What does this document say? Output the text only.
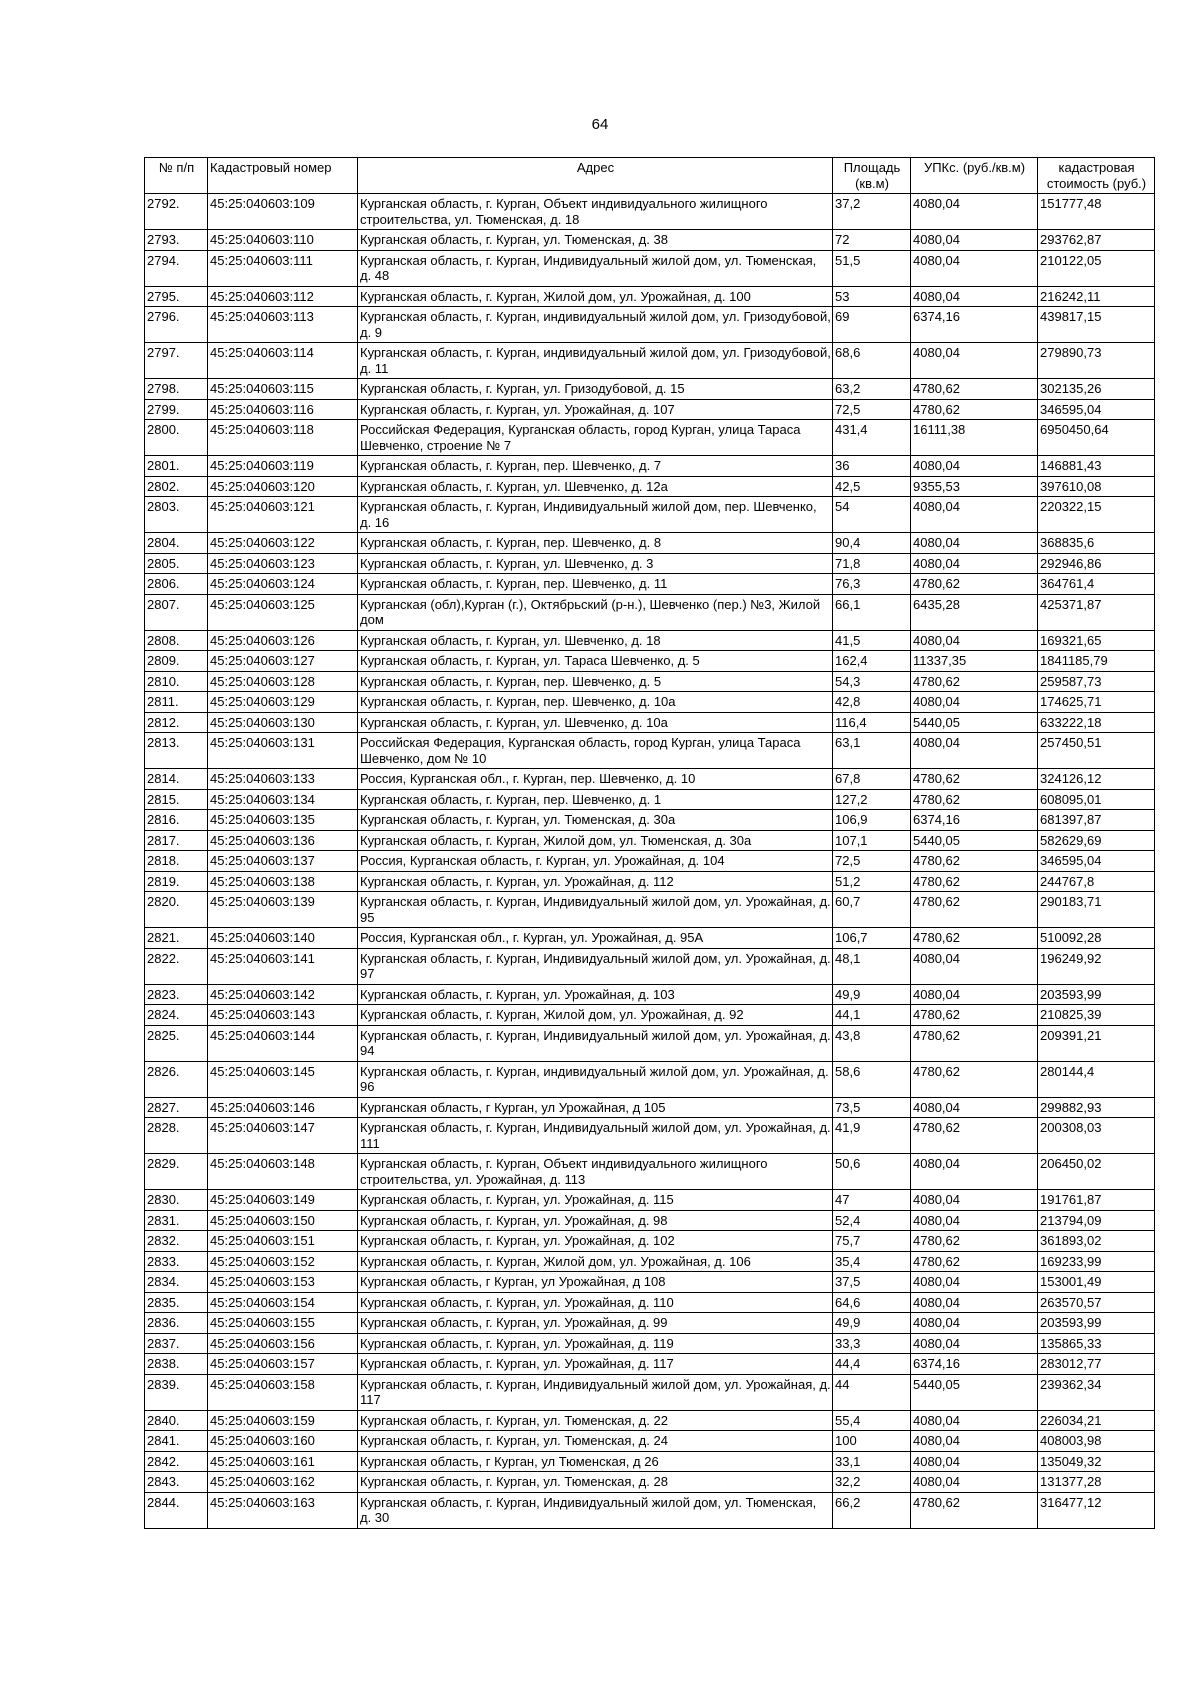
64
№ п/п	Кадастровый номер	Адрес	Площадь (кв.м)	УПКс. (руб./кв.м)	кадастровая стоимость (руб.)
2792.	45:25:040603:109	Курганская область, г. Курган, Объект индивидуального жилищного строительства, ул. Тюменская, д. 18	37,2	4080,04	151777,48
2793.	45:25:040603:110	Курганская область, г. Курган, ул. Тюменская, д. 38	72	4080,04	293762,87
2794.	45:25:040603:111	Курганская область, г. Курган, Индивидуальный жилой дом, ул. Тюменская, д. 48	51,5	4080,04	210122,05
2795.	45:25:040603:112	Курганская область, г. Курган, Жилой дом, ул. Урожайная, д. 100	53	4080,04	216242,11
2796.	45:25:040603:113	Курганская область, г. Курган, индивидуальный жилой дом, ул. Гризодубовой, д. 9	69	6374,16	439817,15
2797.	45:25:040603:114	Курганская область, г. Курган, индивидуальный жилой дом, ул. Гризодубовой, д. 11	68,6	4080,04	279890,73
2798.	45:25:040603:115	Курганская область, г. Курган, ул. Гризодубовой, д. 15	63,2	4780,62	302135,26
2799.	45:25:040603:116	Курганская область, г. Курган, ул. Урожайная, д. 107	72,5	4780,62	346595,04
2800.	45:25:040603:118	Российская Федерация, Курганская область, город Курган, улица Тараса Шевченко, строение № 7	431,4	16111,38	6950450,64
2801.	45:25:040603:119	Курганская область, г. Курган, пер. Шевченко, д. 7	36	4080,04	146881,43
2802.	45:25:040603:120	Курганская область, г. Курган, ул. Шевченко, д. 12а	42,5	9355,53	397610,08
2803.	45:25:040603:121	Курганская область, г. Курган, Индивидуальный жилой дом, пер. Шевченко, д. 16	54	4080,04	220322,15
2804.	45:25:040603:122	Курганская область, г. Курган, пер. Шевченко, д. 8	90,4	4080,04	368835,6
2805.	45:25:040603:123	Курганская область, г. Курган, ул. Шевченко, д. 3	71,8	4080,04	292946,86
2806.	45:25:040603:124	Курганская область, г. Курган, пер. Шевченко, д. 11	76,3	4780,62	364761,4
2807.	45:25:040603:125	Курганская (обл),Курган (г.), Октябрьский (р-н.), Шевченко (пер.) №3, Жилой дом	66,1	6435,28	425371,87
2808.	45:25:040603:126	Курганская область, г. Курган, ул. Шевченко, д. 18	41,5	4080,04	169321,65
2809.	45:25:040603:127	Курганская область, г. Курган, ул. Тараса Шевченко, д. 5	162,4	11337,35	1841185,79
2810.	45:25:040603:128	Курганская область, г. Курган, пер. Шевченко, д. 5	54,3	4780,62	259587,73
2811.	45:25:040603:129	Курганская область, г. Курган, пер. Шевченко, д. 10а	42,8	4080,04	174625,71
2812.	45:25:040603:130	Курганская область, г. Курган, ул. Шевченко, д. 10а	116,4	5440,05	633222,18
2813.	45:25:040603:131	Российская Федерация, Курганская область, город Курган, улица Тараса Шевченко, дом № 10	63,1	4080,04	257450,51
2814.	45:25:040603:133	Россия, Курганская обл., г. Курган, пер. Шевченко, д. 10	67,8	4780,62	324126,12
2815.	45:25:040603:134	Курганская область, г. Курган, пер. Шевченко, д. 1	127,2	4780,62	608095,01
2816.	45:25:040603:135	Курганская область, г. Курган, ул. Тюменская, д. 30а	106,9	6374,16	681397,87
2817.	45:25:040603:136	Курганская область, г. Курган, Жилой дом, ул. Тюменская, д. 30а	107,1	5440,05	582629,69
2818.	45:25:040603:137	Россия, Курганская область, г. Курган, ул. Урожайная, д. 104	72,5	4780,62	346595,04
2819.	45:25:040603:138	Курганская область, г. Курган, ул. Урожайная, д. 112	51,2	4780,62	244767,8
2820.	45:25:040603:139	Курганская область, г. Курган, Индивидуальный жилой дом, ул. Урожайная, д. 95	60,7	4780,62	290183,71
2821.	45:25:040603:140	Россия, Курганская обл., г. Курган, ул. Урожайная, д. 95А	106,7	4780,62	510092,28
2822.	45:25:040603:141	Курганская область, г. Курган, Индивидуальный жилой дом, ул. Урожайная, д. 97	48,1	4080,04	196249,92
2823.	45:25:040603:142	Курганская область, г. Курган, ул. Урожайная, д. 103	49,9	4080,04	203593,99
2824.	45:25:040603:143	Курганская область, г. Курган, Жилой дом, ул. Урожайная, д. 92	44,1	4780,62	210825,39
2825.	45:25:040603:144	Курганская область, г. Курган, Индивидуальный жилой дом, ул. Урожайная, д. 94	43,8	4780,62	209391,21
2826.	45:25:040603:145	Курганская область, г. Курган, индивидуальный жилой дом, ул. Урожайная, д. 96	58,6	4780,62	280144,4
2827.	45:25:040603:146	Курганская область, г Курган, ул Урожайная, д 105	73,5	4080,04	299882,93
2828.	45:25:040603:147	Курганская область, г. Курган, Индивидуальный жилой дом, ул. Урожайная, д. 111	41,9	4780,62	200308,03
2829.	45:25:040603:148	Курганская область, г. Курган, Объект индивидуального жилищного строительства, ул. Урожайная, д. 113	50,6	4080,04	206450,02
2830.	45:25:040603:149	Курганская область, г. Курган, ул. Урожайная, д. 115	47	4080,04	191761,87
2831.	45:25:040603:150	Курганская область, г. Курган, ул. Урожайная, д. 98	52,4	4080,04	213794,09
2832.	45:25:040603:151	Курганская область, г. Курган, ул. Урожайная, д. 102	75,7	4780,62	361893,02
2833.	45:25:040603:152	Курганская область, г. Курган, Жилой дом, ул. Урожайная, д. 106	35,4	4780,62	169233,99
2834.	45:25:040603:153	Курганская область, г Курган, ул Урожайная, д 108	37,5	4080,04	153001,49
2835.	45:25:040603:154	Курганская область, г. Курган, ул. Урожайная, д. 110	64,6	4080,04	263570,57
2836.	45:25:040603:155	Курганская область, г. Курган, ул. Урожайная, д. 99	49,9	4080,04	203593,99
2837.	45:25:040603:156	Курганская область, г. Курган, ул. Урожайная, д. 119	33,3	4080,04	135865,33
2838.	45:25:040603:157	Курганская область, г. Курган, ул. Урожайная, д. 117	44,4	6374,16	283012,77
2839.	45:25:040603:158	Курганская область, г. Курган, Индивидуальный жилой дом, ул. Урожайная, д. 117	44	5440,05	239362,34
2840.	45:25:040603:159	Курганская область, г. Курган, ул. Тюменская, д. 22	55,4	4080,04	226034,21
2841.	45:25:040603:160	Курганская область, г. Курган, ул. Тюменская, д. 24	100	4080,04	408003,98
2842.	45:25:040603:161	Курганская область, г Курган, ул Тюменская, д 26	33,1	4080,04	135049,32
2843.	45:25:040603:162	Курганская область, г. Курган, ул. Тюменская, д. 28	32,2	4080,04	131377,28
2844.	45:25:040603:163	Курганская область, г. Курган, Индивидуальный жилой дом, ул. Тюменская, д. 30	66,2	4780,62	316477,12
